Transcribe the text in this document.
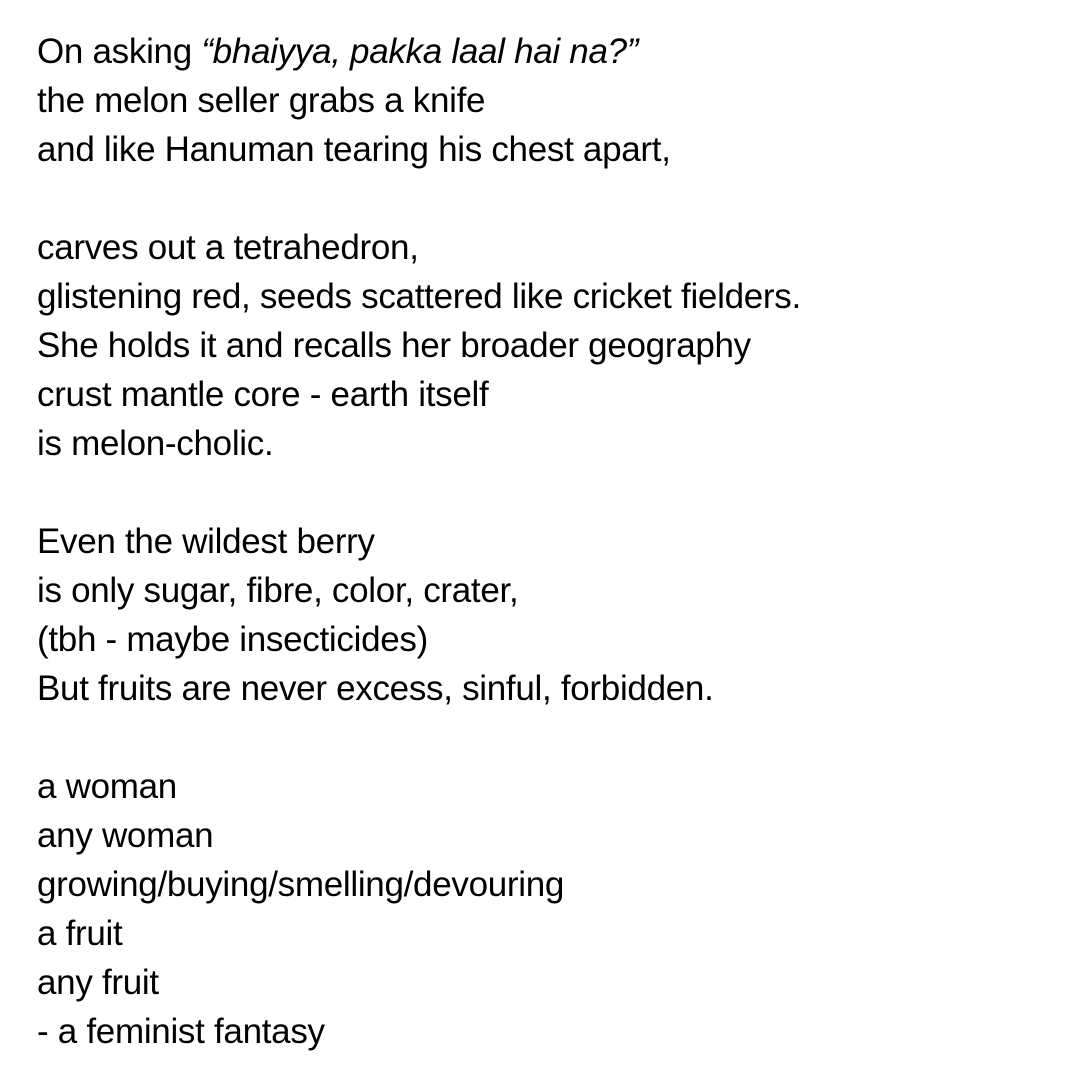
On asking “bhaiyya, pakka laal hai na?”
the melon seller grabs a knife
and like Hanuman tearing his chest apart,
carves out a tetrahedron,
glistening red, seeds scattered like cricket fielders.
She holds it and recalls her broader geography
crust mantle core - earth itself
is melon-cholic.
Even the wildest berry
is only sugar, fibre, color, crater,
(tbh - maybe insecticides)
But fruits are never excess, sinful, forbidden.
a woman
any woman
growing/buying/smelling/devouring
a fruit
any fruit
- a feminist fantasy
